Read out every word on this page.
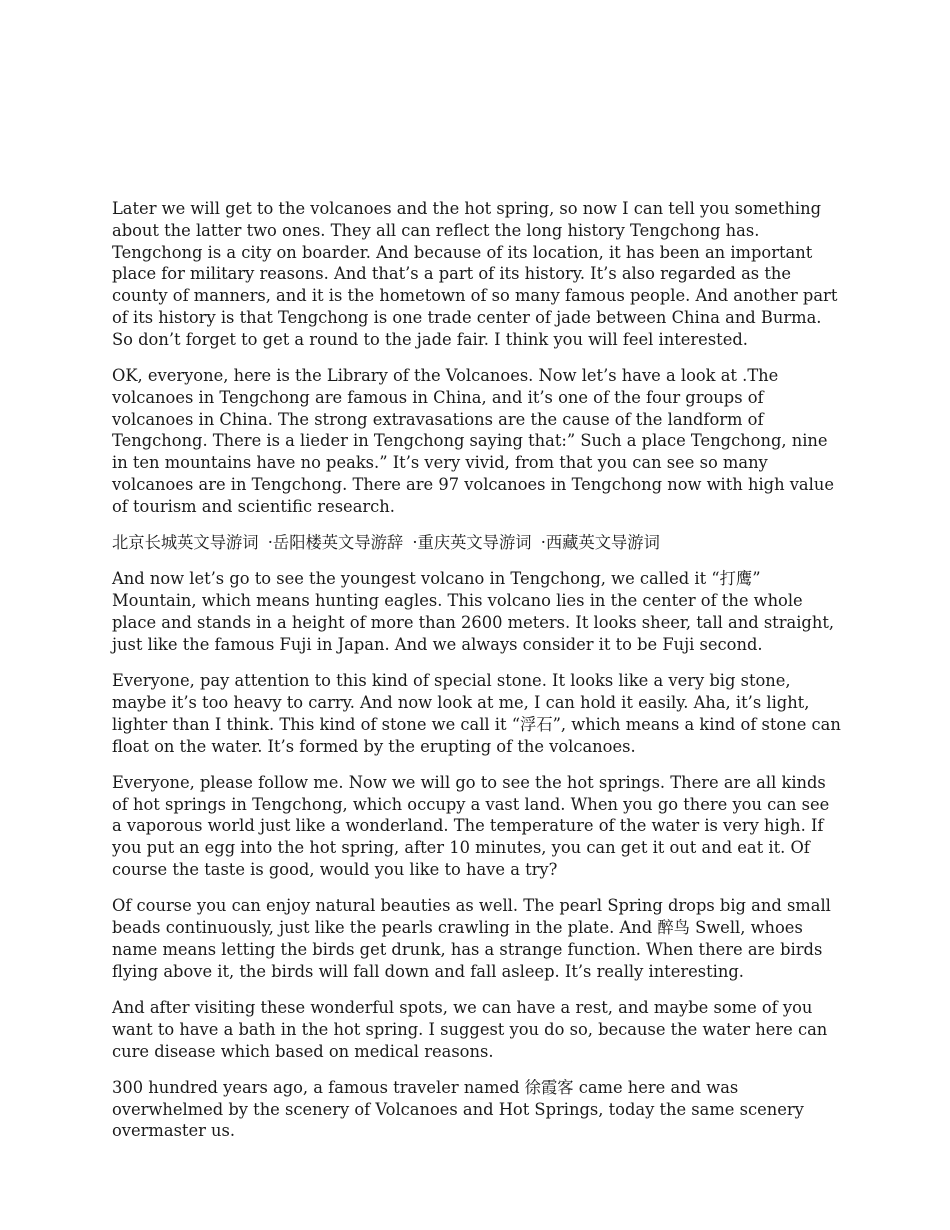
Later we will get to the volcanoes and the hot spring, so now I can tell you something about the latter two ones. They all can reflect the long history Tengchong has. Tengchong is a city on boarder. And because of its location, it has been an important place for military reasons. And that’s a part of its history. It’s also regarded as the county of manners, and it is the hometown of so many famous people. And another part of its history is that Tengchong is one trade center of jade between China and Burma. So don’t forget to get a round to the jade fair. I think you will feel interested.

OK, everyone, here is the Library of the Volcanoes. Now let’s have a look at .The volcanoes in Tengchong are famous in China, and it’s one of the four groups of volcanoes in China. The strong extravasations are the cause of the landform of Tengchong. There is a lieder in Tengchong saying that:” Such a place Tengchong, nine in ten mountains have no peaks.” It’s very vivid, from that you can see so many volcanoes are in Tengchong. There are 97 volcanoes in Tengchong now with high value of tourism and scientific research.

北京长城英文导游词 ·岳阳楼英文导游辞 ·重庆英文导游词 ·西藏英文导游词

And now let’s go to see the youngest volcano in Tengchong, we called it “打鹰” Mountain, which means hunting eagles. This volcano lies in the center of the whole place and stands in a height of more than 2600 meters. It looks sheer, tall and straight, just like the famous Fuji in Japan. And we always consider it to be Fuji second.

Everyone, pay attention to this kind of special stone. It looks like a very big stone, maybe it’s too heavy to carry. And now look at me, I can hold it easily. Aha, it’s light, lighter than I think. This kind of stone we call it “浮石”, which means a kind of stone can float on the water. It’s formed by the erupting of the volcanoes.

Everyone, please follow me. Now we will go to see the hot springs. There are all kinds of hot springs in Tengchong, which occupy a vast land. When you go there you can see a vaporous world just like a wonderland. The temperature of the water is very high. If you put an egg into the hot spring, after 10 minutes, you can get it out and eat it. Of course the taste is good, would you like to have a try?

Of course you can enjoy natural beauties as well. The pearl Spring drops big and small beads continuously, just like the pearls crawling in the plate. And 醉鸟 Swell, whoes name means letting the birds get drunk, has a strange function. When there are birds flying above it, the birds will fall down and fall asleep. It’s really interesting.

And after visiting these wonderful spots, we can have a rest, and maybe some of you want to have a bath in the hot spring. I suggest you do so, because the water here can cure disease which based on medical reasons.

300 hundred years ago, a famous traveler named 徐霞客 came here and was overwhelmed by the scenery of Volcanoes and Hot Springs, today the same scenery overmaster us.
